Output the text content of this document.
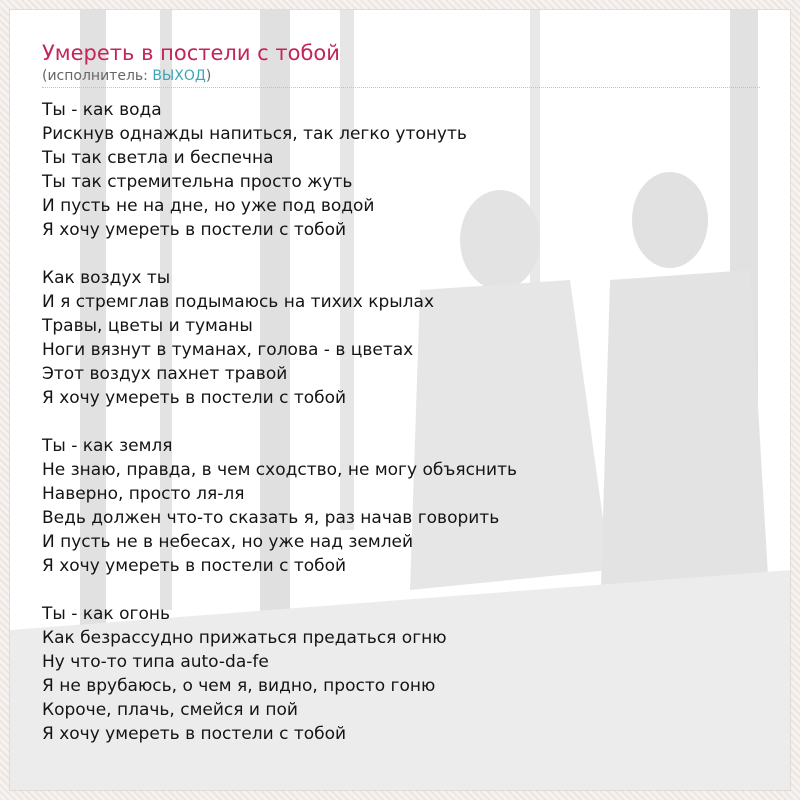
Умереть в постели с тобой
(исполнитель: ВЫХОД)
Ты - как вода
Рискнув однажды напиться, так легко утонуть
Ты так светла и беспечна
Ты так стремительна просто жуть
И пусть не на дне, но уже под водой
Я хочу умереть в постели с тобой
Как воздух ты
И я стремглав подымаюсь на тихих крылах
Травы, цветы и туманы
Ноги вязнут в туманах, голова - в цветах
Этот воздух пахнет травой
Я хочу умереть в постели с тобой
Ты - как земля
Не знаю, правда, в чем сходство, не могу объяснить
Наверно, просто ля-ля
Ведь должен что-то сказать я, раз начав говорить
И пусть не в небесах, но уже над землей
Я хочу умереть в постели с тобой
Ты - как огонь
Как безрассудно прижаться предаться огню
Ну что-то типа auto-da-fe
Я не врубаюсь, о чем я, видно, просто гоню
Короче, плачь, смейся и пой
Я хочу умереть в постели с тобой
